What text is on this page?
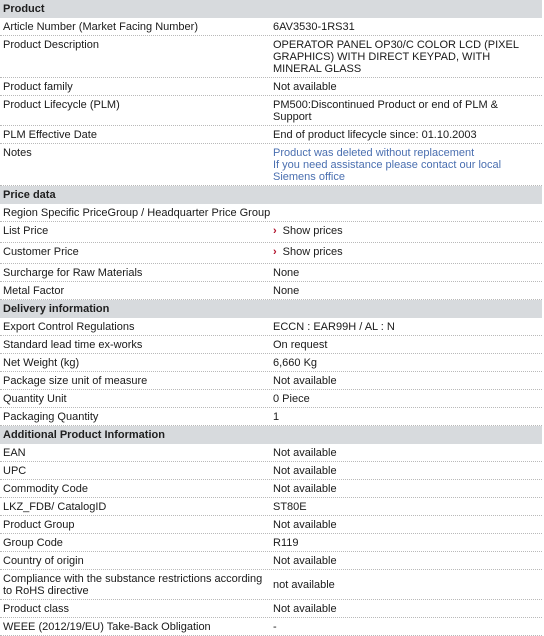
Product
Article Number (Market Facing Number)	6AV3530-1RS31
Product Description	OPERATOR PANEL OP30/C COLOR LCD (PIXEL GRAPHICS) WITH DIRECT KEYPAD, WITH MINERAL GLASS
Product family	Not available
Product Lifecycle (PLM)	PM500:Discontinued Product or end of PLM & Support
PLM Effective Date	End of product lifecycle since: 01.10.2003
Notes	Product was deleted without replacement
If you need assistance please contact our local Siemens office
Price data
Region Specific PriceGroup / Headquarter Price Group
List Price	› Show prices
Customer Price	› Show prices
Surcharge for Raw Materials	None
Metal Factor	None
Delivery information
Export Control Regulations	ECCN : EAR99H / AL : N
Standard lead time ex-works	On request
Net Weight (kg)	6,660 Kg
Package size unit of measure	Not available
Quantity Unit	0 Piece
Packaging Quantity	1
Additional Product Information
EAN	Not available
UPC	Not available
Commodity Code	Not available
LKZ_FDB/ CatalogID	ST80E
Product Group	Not available
Group Code	R119
Country of origin	Not available
Compliance with the substance restrictions according to RoHS directive	not available
Product class	Not available
WEEE (2012/19/EU) Take-Back Obligation	-
